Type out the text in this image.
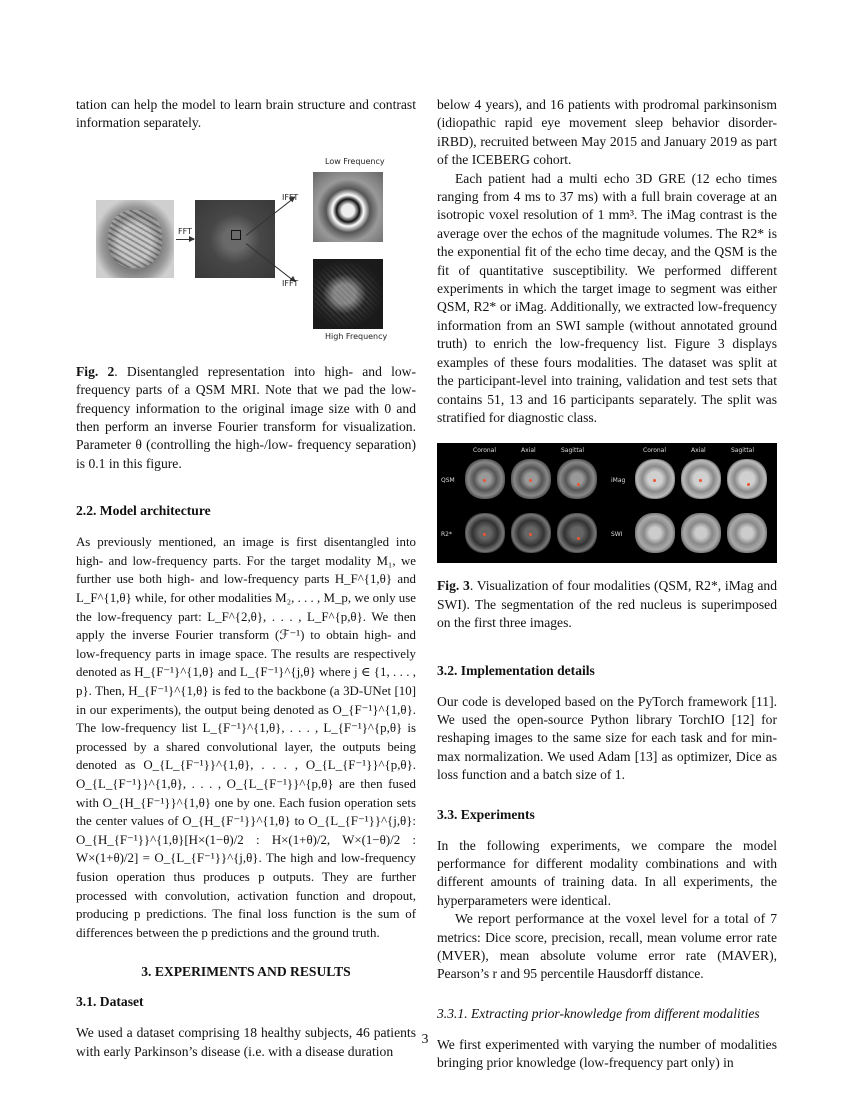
tation can help the model to learn brain structure and contrast information separately.

FFT
IFFT
IFFT
Low Frequency
High Frequency

Fig. 2. Disentangled representation into high- and low-frequency parts of a QSM MRI. Note that we pad the low-frequency information to the original image size with 0 and then perform an inverse Fourier transform for visualization. Parameter θ (controlling the high-/low- frequency separation) is 0.1 in this figure.

2.2. Model architecture

As previously mentioned, an image is first disentangled into high- and low-frequency parts. For the target modality M₁, we further use both high- and low-frequency parts H_F^{1,θ} and L_F^{1,θ} while, for other modalities M₂, . . . , M_p, we only use the low-frequency part: L_F^{2,θ}, . . . , L_F^{p,θ}. We then apply the inverse Fourier transform (ℱ⁻¹) to obtain high- and low-frequency parts in image space. The results are respectively denoted as H_{F⁻¹}^{1,θ} and L_{F⁻¹}^{j,θ} where j ∈ {1, . . . , p}. Then, H_{F⁻¹}^{1,θ} is fed to the backbone (a 3D-UNet [10] in our experiments), the output being denoted as O_{F⁻¹}^{1,θ}. The low-frequency list L_{F⁻¹}^{1,θ}, . . . , L_{F⁻¹}^{p,θ} is processed by a shared convolutional layer, the outputs being denoted as O_{L_{F⁻¹}}^{1,θ}, . . . , O_{L_{F⁻¹}}^{p,θ}. O_{L_{F⁻¹}}^{1,θ}, . . . , O_{L_{F⁻¹}}^{p,θ} are then fused with O_{H_{F⁻¹}}^{1,θ} one by one. Each fusion operation sets the center values of O_{H_{F⁻¹}}^{1,θ} to O_{L_{F⁻¹}}^{j,θ}: O_{H_{F⁻¹}}^{1,θ}[H×(1−θ)/2 : H×(1+θ)/2, W×(1−θ)/2 : W×(1+θ)/2] = O_{L_{F⁻¹}}^{j,θ}. The high and low-frequency fusion operation thus produces p outputs. They are further processed with convolution, activation function and dropout, producing p predictions. The final loss function is the sum of differences between the p predictions and the ground truth.

3. EXPERIMENTS AND RESULTS
3.1. Dataset

We used a dataset comprising 18 healthy subjects, 46 patients with early Parkinson’s disease (i.e. with a disease duration

below 4 years), and 16 patients with prodromal parkinsonism (idiopathic rapid eye movement sleep behavior disorder-iRBD), recruited between May 2015 and January 2019 as part of the ICEBERG cohort.

Each patient had a multi echo 3D GRE (12 echo times ranging from 4 ms to 37 ms) with a full brain coverage at an isotropic voxel resolution of 1 mm³. The iMag contrast is the average over the echos of the magnitude volumes. The R2* is the exponential fit of the echo time decay, and the QSM is the fit of quantitative susceptibility. We performed different experiments in which the target image to segment was either QSM, R2* or iMag. Additionally, we extracted low-frequency information from an SWI sample (without annotated ground truth) to enrich the low-frequency list. Figure 3 displays examples of these fours modalities. The dataset was split at the participant-level into training, validation and test sets that contains 51, 13 and 16 participants separately. The split was stratified for diagnostic class.

Coronal	Axial	Sagittal
QSM
R2*
Coronal	Axial	Sagittal
iMag
SWI

Fig. 3. Visualization of four modalities (QSM, R2*, iMag and SWI). The segmentation of the red nucleus is superimposed on the first three images.

3.2. Implementation details

Our code is developed based on the PyTorch framework [11]. We used the open-source Python library TorchIO [12] for reshaping images to the same size for each task and for min-max normalization. We used Adam [13] as optimizer, Dice as loss function and a batch size of 1.

3.3. Experiments

In the following experiments, we compare the model performance for different modality combinations and with different amounts of training data. In all experiments, the hyperparameters were identical.

We report performance at the voxel level for a total of 7 metrics: Dice score, precision, recall, mean volume error rate (MVER), mean absolute volume error rate (MAVER), Pearson’s r and 95 percentile Hausdorff distance.

3.3.1. Extracting prior-knowledge from different modalities

We first experimented with varying the number of modalities bringing prior knowledge (low-frequency part only) in

3
